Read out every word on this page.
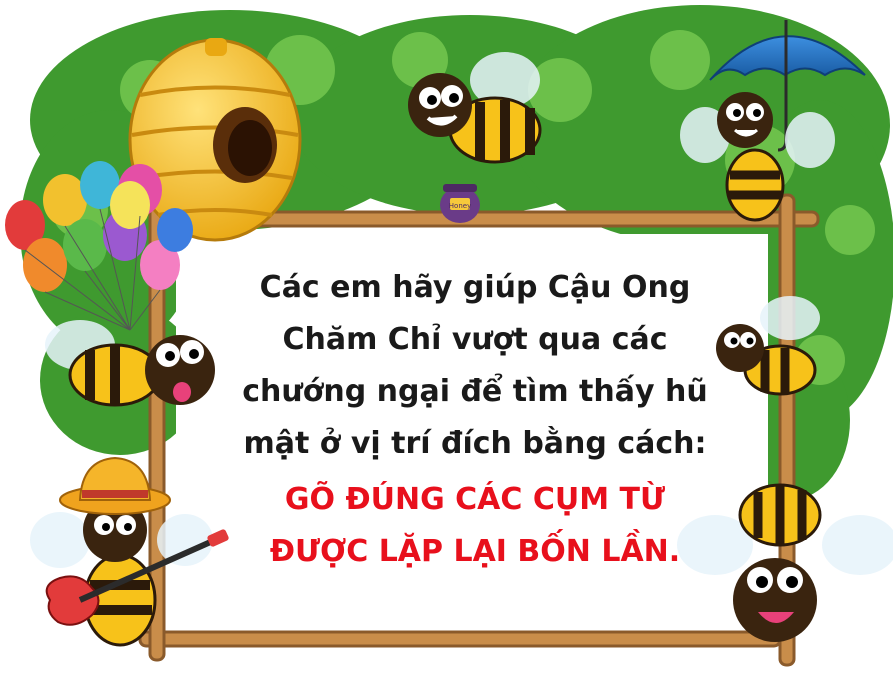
Honey
Các em hãy giúp Cậu Ong
Chăm Chỉ vượt qua các
chướng ngại để tìm thấy hũ
mật ở vị trí đích bằng cách:
GÕ ĐÚNG CÁC CỤM TỪ
ĐƯỢC LẶP LẠI BỐN LẦN.
